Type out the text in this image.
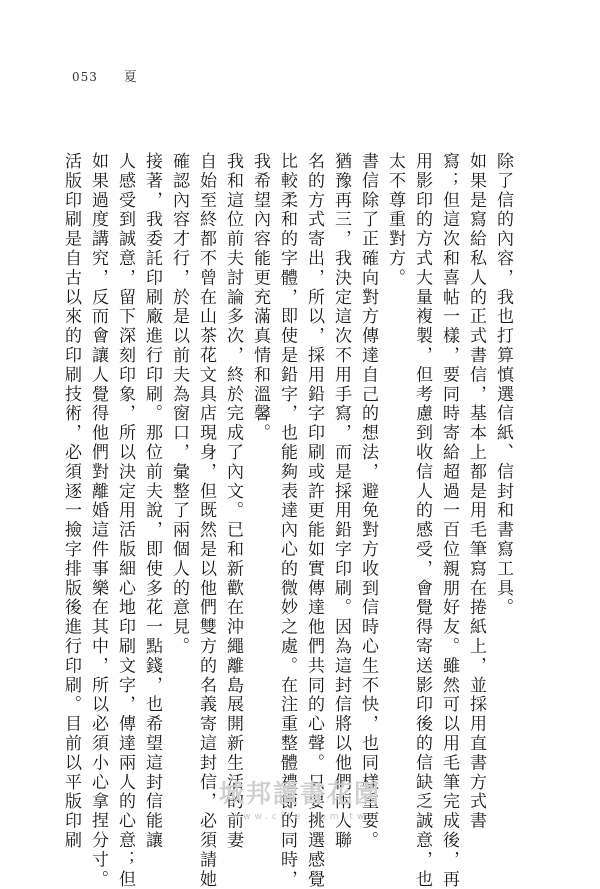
053 夏
除了信的內容，我也打算慎選信紙、信封和書寫工具。
如果是寫給私人的正式書信，基本上都是用毛筆寫在捲紙上，並採用直書方式書
寫；但這次和喜帖一樣，要同時寄給超過一百位親朋好友。雖然可以用毛筆完成後，再
用影印的方式大量複製，但考慮到收信人的感受，會覺得寄送影印後的信缺乏誠意，也
太不尊重對方。
書信除了正確向對方傳達自己的想法，避免對方收到信時心生不快，也同樣重要。
猶豫再三，我決定這次不用手寫，而是採用鉛字印刷。因為這封信將以他們兩人聯
名的方式寄出，所以，採用鉛字印刷或許更能如實傳達他們共同的心聲。只要挑選感覺
比較柔和的字體，即使是鉛字，也能夠表達內心的微妙之處。在注重整體禮節的同時，
我希望內容能更充滿真情和溫馨。
我和這位前夫討論多次，終於完成了內文。已和新歡在沖繩離島展開新生活的前妻
自始至終都不曾在山茶花文具店現身，但既然是以他們雙方的名義寄這封信，必須請她
確認內容才行，於是以前夫為窗口，彙整了兩個人的意見。
接著，我委託印刷廠進行印刷。那位前夫說，即使多花一點錢，也希望這封信能讓
人感受到誠意，留下深刻印象，所以決定用活版細心地印刷文字，傳達兩人的心意；但
如果過度講究，反而會讓人覺得他們對離婚這件事樂在其中，所以必須小心拿捏分寸。
活版印刷是自古以來的印刷技術，必須逐一撿字排版後進行印刷。目前以平版印刷	城邦讀書花園
www.cite.com.tw
